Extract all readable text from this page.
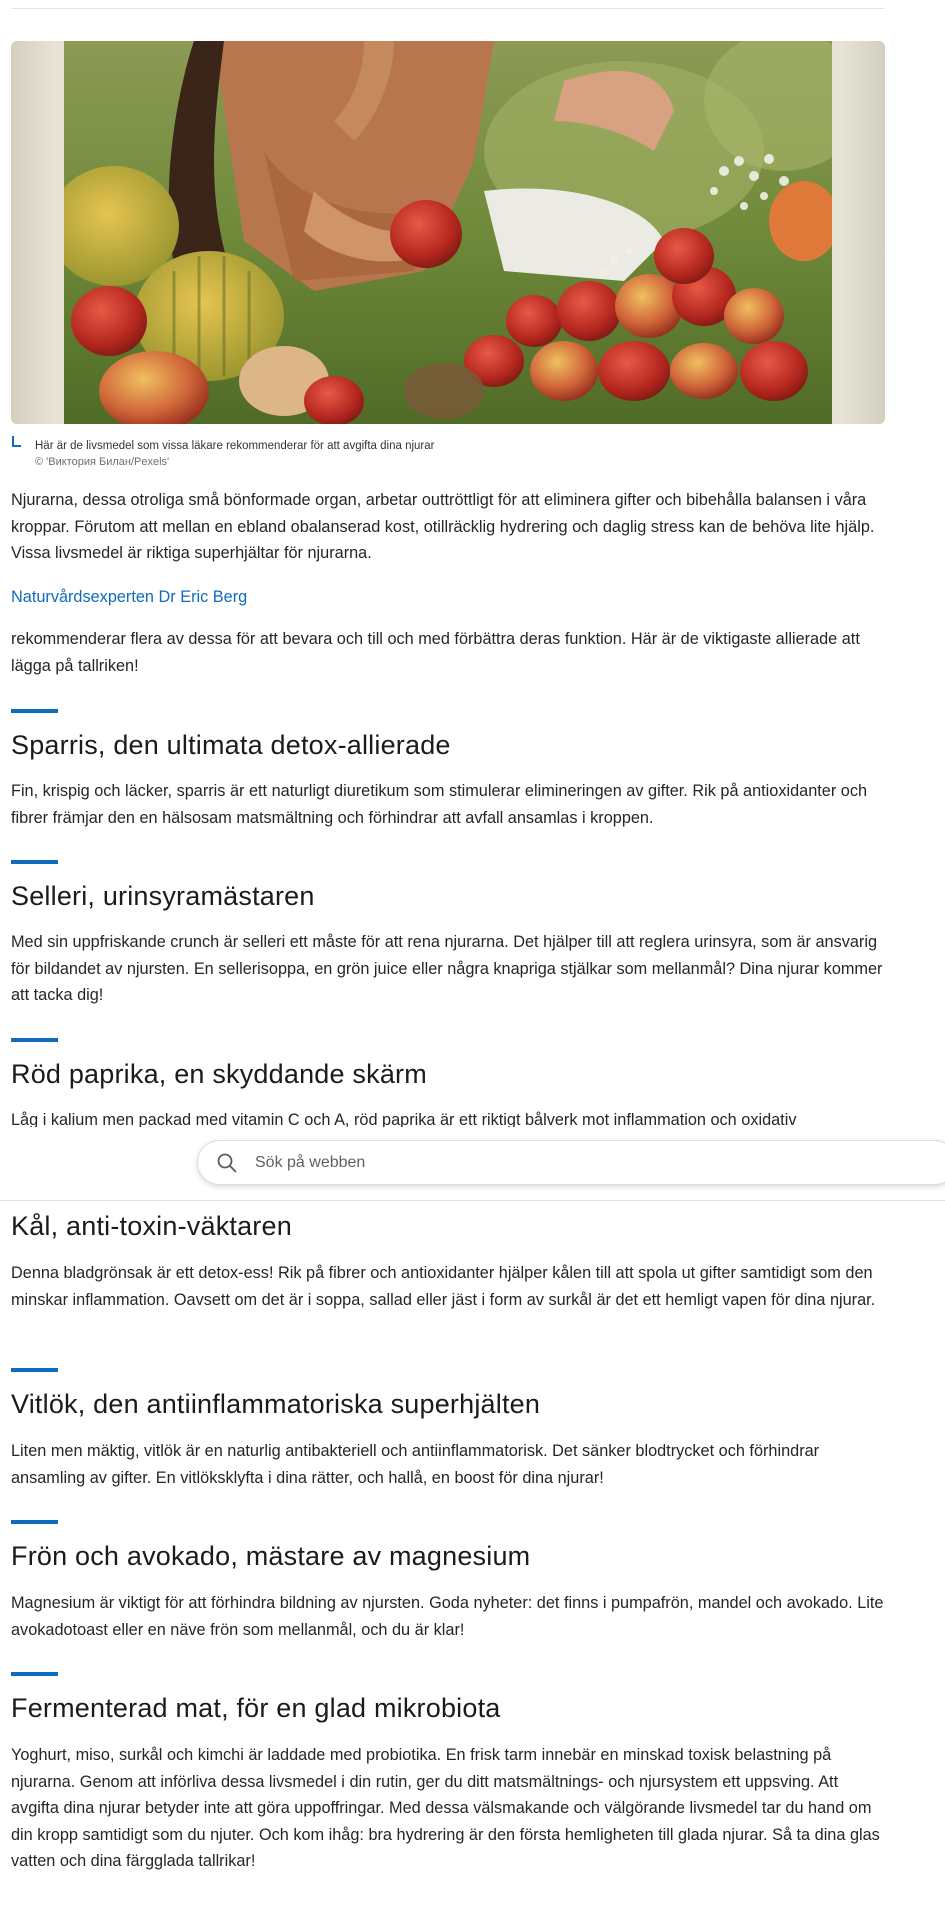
Här är de livsmedel som vissa läkare rekommenderar för att avgifta dina njurar
© 'Виктория Билан/Pexels'

Njurarna, dessa otroliga små bönformade organ, arbetar outtröttligt för att eliminera gifter och bibehålla balansen i våra kroppar. Förutom att mellan en ebland obalanserad kost, otillräcklig hydrering och daglig stress kan de behöva lite hjälp. Vissa livsmedel är riktiga superhjältar för njurarna.

Naturvårdsexperten Dr Eric Berg

rekommenderar flera av dessa för att bevara och till och med förbättra deras funktion. Här är de viktigaste allierade att lägga på tallriken!

Sparris, den ultimata detox-allierade

Fin, krispig och läcker, sparris är ett naturligt diuretikum som stimulerar elimineringen av gifter. Rik på antioxidanter och fibrer främjar den en hälsosam matsmältning och förhindrar att avfall ansamlas i kroppen.

Selleri, urinsyramästaren

Med sin uppfriskande crunch är selleri ett måste för att rena njurarna. Det hjälper till att reglera urinsyra, som är ansvarig för bildandet av njursten. En sellerisoppa, en grön juice eller några knapriga stjälkar som mellanmål? Dina njurar kommer att tacka dig!

Röd paprika, en skyddande skärm

Låg i kalium men packad med vitamin C och A, röd paprika är ett riktigt bålverk mot inflammation och oxidativ

Sök på webben
Kål, anti-toxin-väktaren

Denna bladgrönsak är ett detox-ess! Rik på fibrer och antioxidanter hjälper kålen till att spola ut gifter samtidigt som den minskar inflammation. Oavsett om det är i soppa, sallad eller jäst i form av surkål är det ett hemligt vapen för dina njurar.

Vitlök, den antiinflammatoriska superhjälten

Liten men mäktig, vitlök är en naturlig antibakteriell och antiinflammatorisk. Det sänker blodtrycket och förhindrar ansamling av gifter. En vitlöksklyfta i dina rätter, och hallå, en boost för dina njurar!

Frön och avokado, mästare av magnesium

Magnesium är viktigt för att förhindra bildning av njursten. Goda nyheter: det finns i pumpafrön, mandel och avokado. Lite avokadotoast eller en näve frön som mellanmål, och du är klar!

Fermenterad mat, för en glad mikrobiota

Yoghurt, miso, surkål och kimchi är laddade med probiotika. En frisk tarm innebär en minskad toxisk belastning på njurarna. Genom att införliva dessa livsmedel i din rutin, ger du ditt matsmältnings- och njursystem ett uppsving. Att avgifta dina njurar betyder inte att göra uppoffringar. Med dessa välsmakande och välgörande livsmedel tar du hand om din kropp samtidigt som du njuter. Och kom ihåg: bra hydrering är den första hemligheten till glada njurar. Så ta dina glas vatten och dina färgglada tallrikar!
